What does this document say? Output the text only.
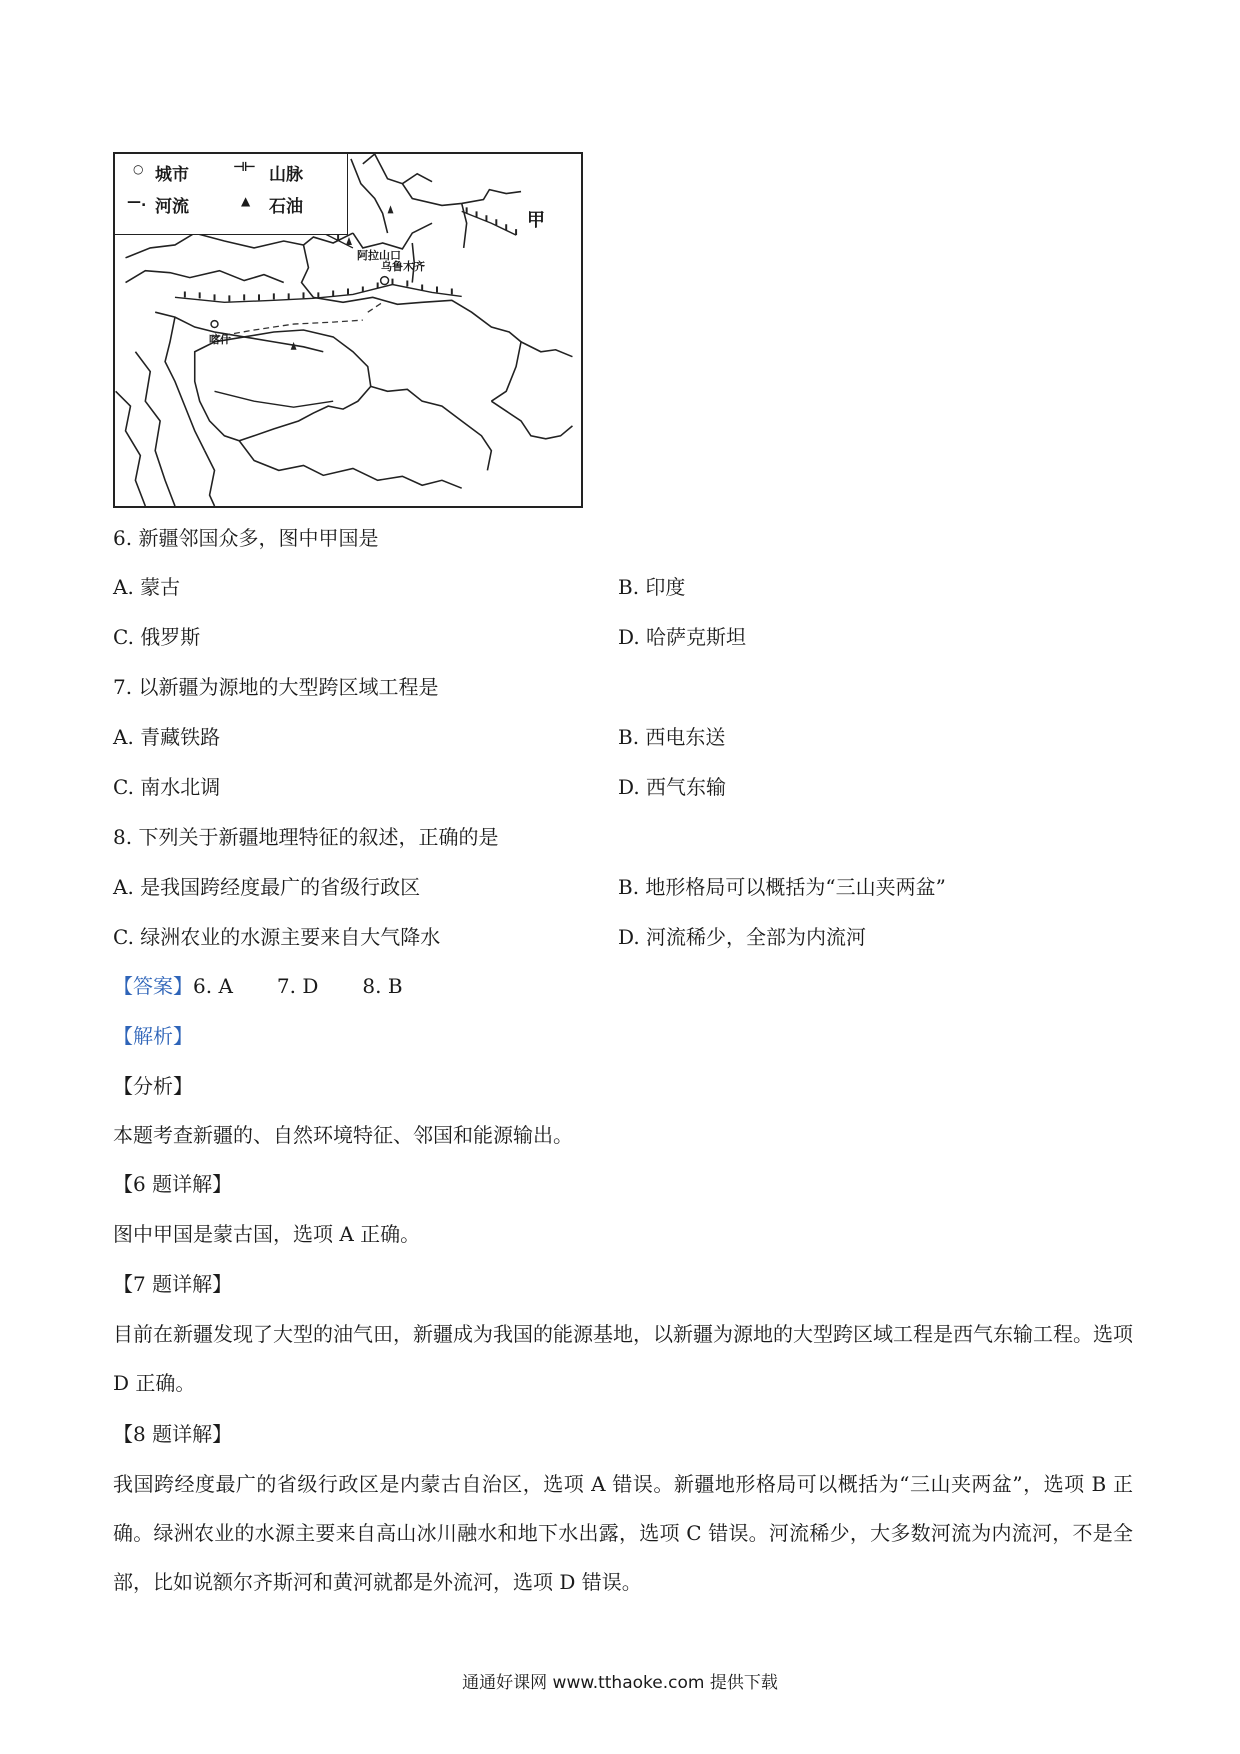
○ 城市	⊣⊢ 山脉
—. 河流	▲ 石油
甲
阿拉山口
乌鲁木齐
喀什
6. 新疆邻国众多，图中甲国是
A. 蒙古	B. 印度
C. 俄罗斯	D. 哈萨克斯坦
7. 以新疆为源地的大型跨区域工程是
A. 青藏铁路	B. 西电东送
C. 南水北调	D. 西气东输
8. 下列关于新疆地理特征的叙述，正确的是
A. 是我国跨经度最广的省级行政区	B. 地形格局可以概括为“三山夹两盆”
C. 绿洲农业的水源主要来自大气降水	D. 河流稀少，全部为内流河
【答案】6. A 7. D 8. B
【解析】
【分析】
本题考查新疆的、自然环境特征、邻国和能源输出。
【6 题详解】
图中甲国是蒙古国，选项 A 正确。
【7 题详解】
目前在新疆发现了大型的油气田，新疆成为我国的能源基地，以新疆为源地的大型跨区域工程是西气东输工程。选项 D 正确。
【8 题详解】
我国跨经度最广的省级行政区是内蒙古自治区，选项 A 错误。新疆地形格局可以概括为“三山夹两盆”，选项 B 正确。绿洲农业的水源主要来自高山冰川融水和地下水出露，选项 C 错误。河流稀少，大多数河流为内流河，不是全部，比如说额尔齐斯河和黄河就都是外流河，选项 D 错误。
通通好课网 www.tthaoke.com 提供下载
